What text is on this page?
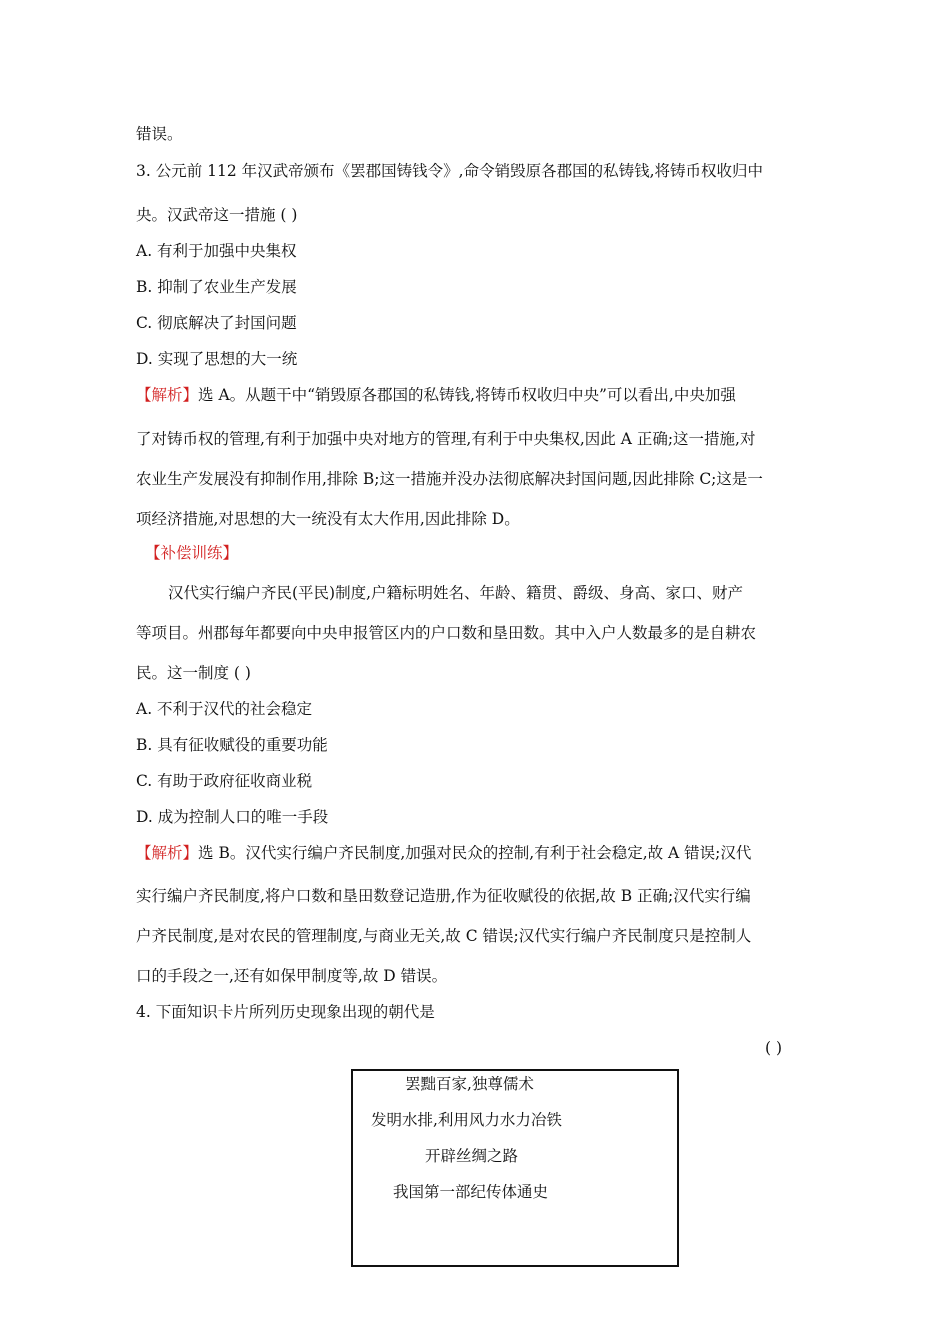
错误。
3. 公元前 112 年汉武帝颁布《罢郡国铸钱令》,命令销毁原各郡国的私铸钱,将铸币权收归中
央。汉武帝这一措施 ( )
A. 有利于加强中央集权
B. 抑制了农业生产发展
C. 彻底解决了封国问题
D. 实现了思想的大一统
【解析】选 A。从题干中“销毁原各郡国的私铸钱,将铸币权收归中央”可以看出,中央加强
了对铸币权的管理,有利于加强中央对地方的管理,有利于中央集权,因此 A 正确;这一措施,对
农业生产发展没有抑制作用,排除 B;这一措施并没办法彻底解决封国问题,因此排除 C;这是一
项经济措施,对思想的大一统没有太大作用,因此排除 D。
【补偿训练】
汉代实行编户齐民(平民)制度,户籍标明姓名、年龄、籍贯、爵级、身高、家口、财产
等项目。州郡每年都要向中央申报管区内的户口数和垦田数。其中入户人数最多的是自耕农
民。这一制度 ( )
A. 不利于汉代的社会稳定
B. 具有征收赋役的重要功能
C. 有助于政府征收商业税
D. 成为控制人口的唯一手段
【解析】选 B。汉代实行编户齐民制度,加强对民众的控制,有利于社会稳定,故 A 错误;汉代
实行编户齐民制度,将户口数和垦田数登记造册,作为征收赋役的依据,故 B 正确;汉代实行编
户齐民制度,是对农民的管理制度,与商业无关,故 C 错误;汉代实行编户齐民制度只是控制人
口的手段之一,还有如保甲制度等,故 D 错误。
4. 下面知识卡片所列历史现象出现的朝代是
( )
罢黜百家,独尊儒术
发明水排,利用风力水力冶铁
开辟丝绸之路
我国第一部纪传体通史
